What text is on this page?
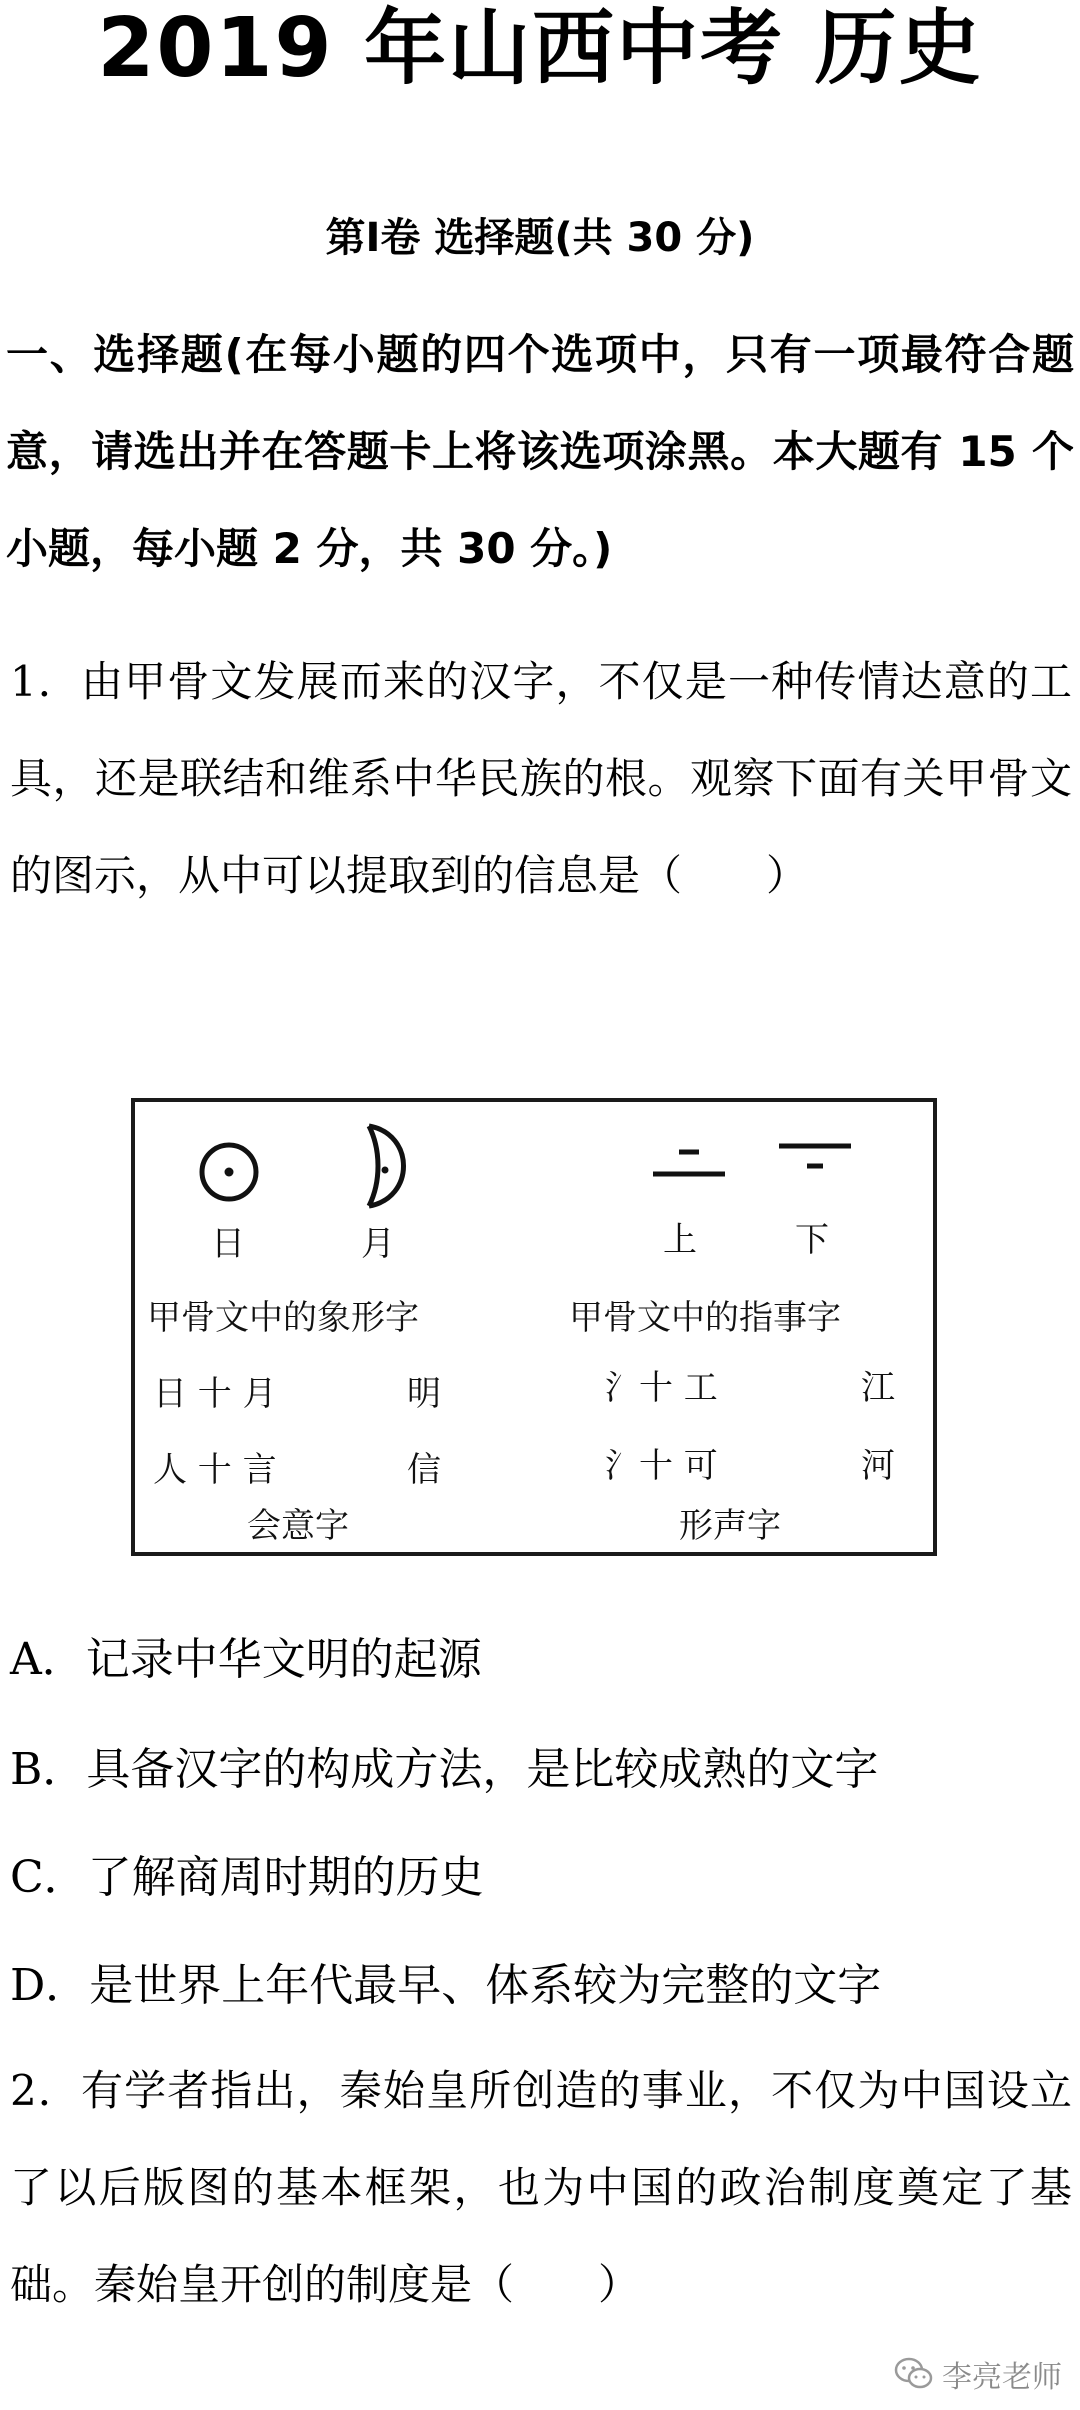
2019 年山西中考 历史
第I卷 选择题(共 30 分)
一、选择题(在每小题的四个选项中，只有一项最符合题意，请选出并在答题卡上将该选项涂黑。本大题有 15 个小题，每小题 2 分，共 30 分。)
1．由甲骨文发展而来的汉字，不仅是一种传情达意的工具，还是联结和维系中华民族的根。观察下面有关甲骨文的图示，从中可以提取到的信息是（　　）
日	月	上	下
甲骨文中的象形字	甲骨文中的指事字
日 十 月	明
人 十 言	信
氵十 工	江
氵十 可	河
会意字	形声字
A．记录中华文明的起源
B．具备汉字的构成方法，是比较成熟的文字
C．了解商周时期的历史
D．是世界上年代最早、体系较为完整的文字
2．有学者指出，秦始皇所创造的事业，不仅为中国设立了以后版图的基本框架，也为中国的政治制度奠定了基础。秦始皇开创的制度是（　　）
李亮老师
